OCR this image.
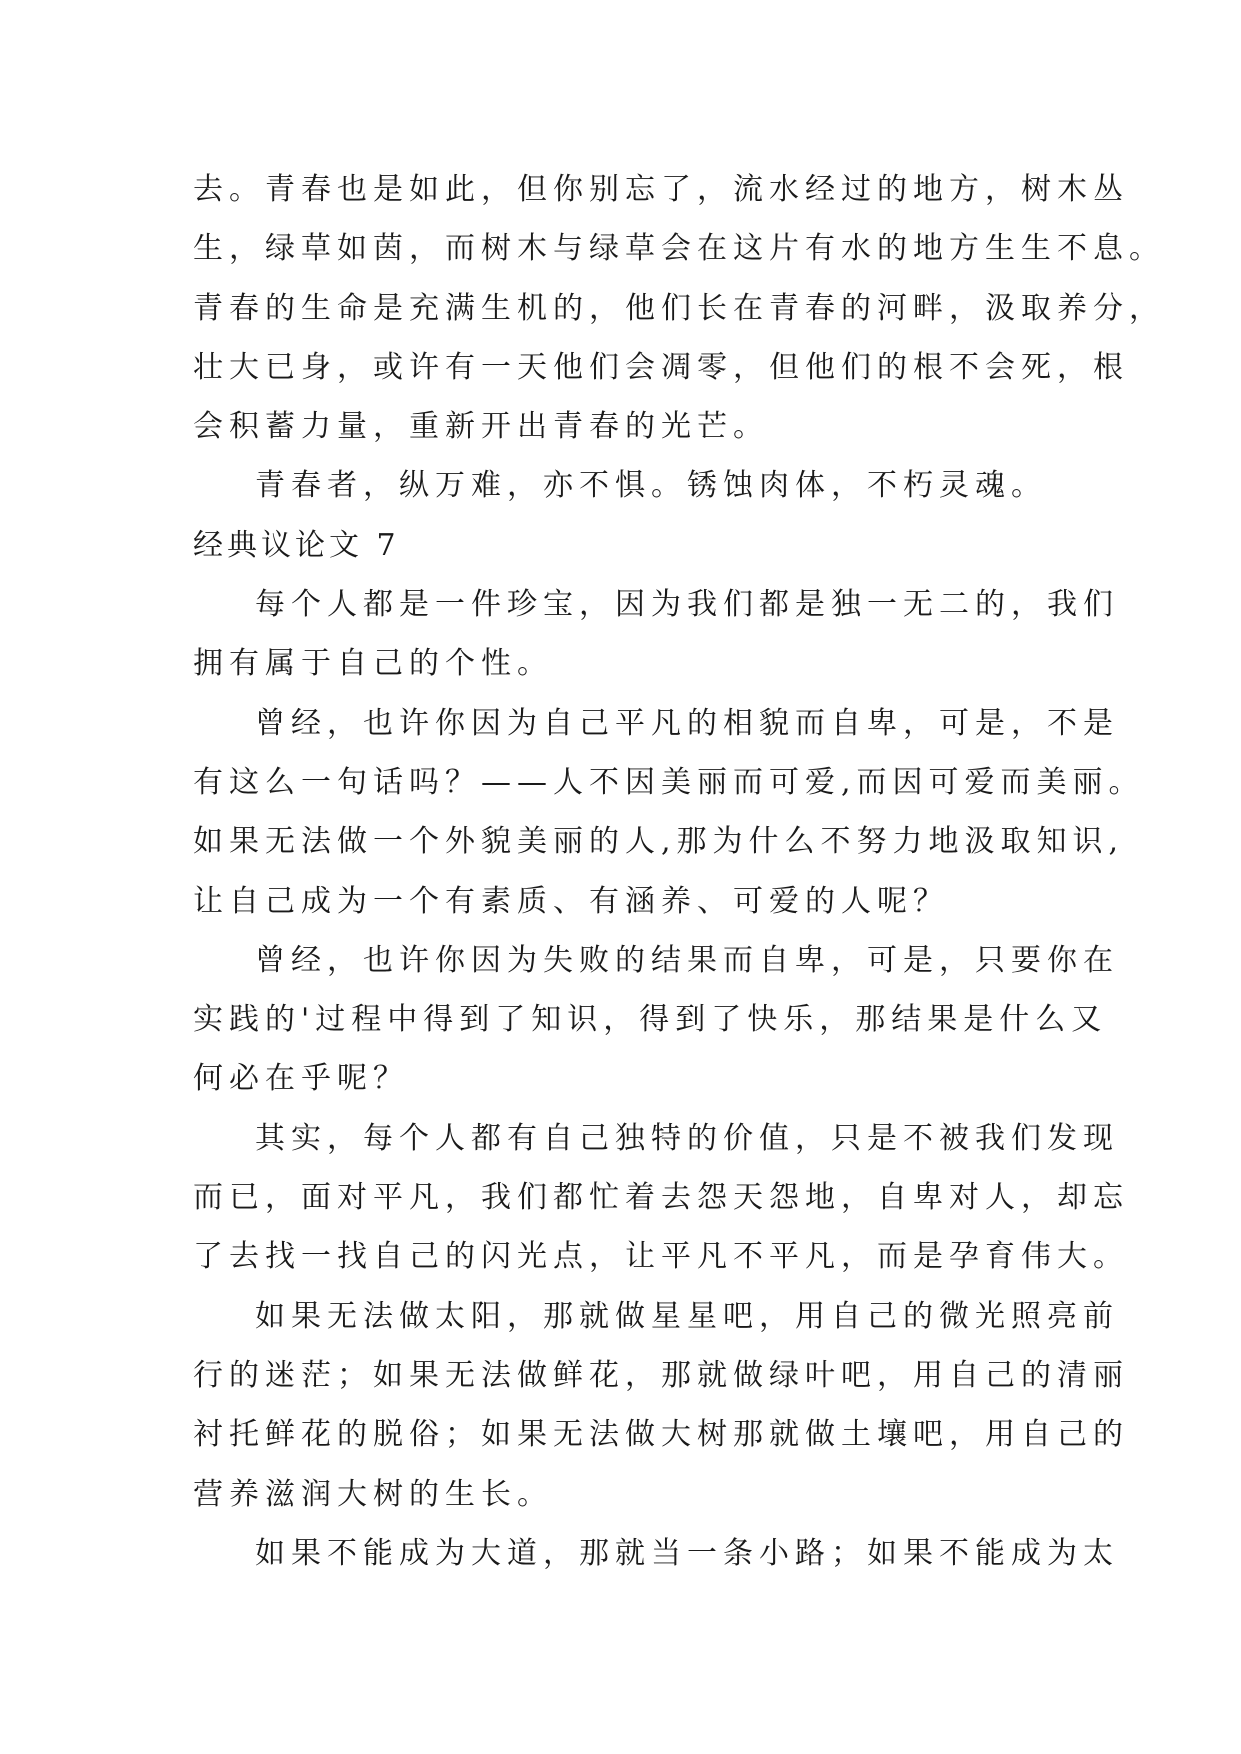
去。青春也是如此，但你别忘了，流水经过的地方，树木丛
生，绿草如茵，而树木与绿草会在这片有水的地方生生不息。
青春的生命是充满生机的，他们长在青春的河畔，汲取养分，
壮大已身，或许有一天他们会凋零，但他们的根不会死，根
会积蓄力量，重新开出青春的光芒。
青春者，纵万难，亦不惧。锈蚀肉体，不朽灵魂。
经典议论文 7
每个人都是一件珍宝，因为我们都是独一无二的，我们
拥有属于自己的个性。
曾经，也许你因为自己平凡的相貌而自卑，可是，不是
有这么一句话吗？——人不因美丽而可爱,而因可爱而美丽。
如果无法做一个外貌美丽的人,那为什么不努力地汲取知识,
让自己成为一个有素质、有涵养、可爱的人呢？
曾经，也许你因为失败的结果而自卑，可是，只要你在
实践的'过程中得到了知识，得到了快乐，那结果是什么又
何必在乎呢？
其实，每个人都有自己独特的价值，只是不被我们发现
而已，面对平凡，我们都忙着去怨天怨地，自卑对人，却忘
了去找一找自己的闪光点，让平凡不平凡，而是孕育伟大。
如果无法做太阳，那就做星星吧，用自己的微光照亮前
行的迷茫；如果无法做鲜花，那就做绿叶吧，用自己的清丽
衬托鲜花的脱俗；如果无法做大树那就做土壤吧，用自己的
营养滋润大树的生长。
如果不能成为大道，那就当一条小路；如果不能成为太
